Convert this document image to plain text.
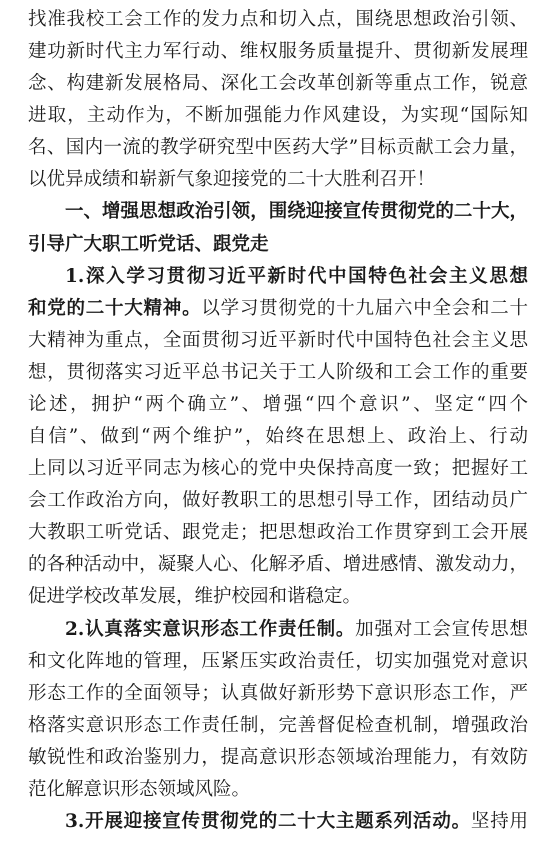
找准我校工会工作的发力点和切入点，围绕思想政治引领、
建功新时代主力军行动、维权服务质量提升、贯彻新发展理
念、构建新发展格局、深化工会改革创新等重点工作，锐意
进取，主动作为，不断加强能力作风建设，为实现“国际知
名、国内一流的教学研究型中医药大学”目标贡献工会力量，
以优异成绩和崭新气象迎接党的二十大胜利召开！
一、增强思想政治引领，围绕迎接宣传贯彻党的二十大，
引导广大职工听党话、跟党走
1.深入学习贯彻习近平新时代中国特色社会主义思想
和党的二十大精神。以学习贯彻党的十九届六中全会和二十
大精神为重点，全面贯彻习近平新时代中国特色社会主义思
想，贯彻落实习近平总书记关于工人阶级和工会工作的重要
论述，拥护“两个确立”、增强“四个意识”、坚定“四个
自信”、做到“两个维护”，始终在思想上、政治上、行动
上同以习近平同志为核心的党中央保持高度一致；把握好工
会工作政治方向，做好教职工的思想引导工作，团结动员广
大教职工听党话、跟党走；把思想政治工作贯穿到工会开展
的各种活动中，凝聚人心、化解矛盾、增进感情、激发动力，
促进学校改革发展，维护校园和谐稳定。
2.认真落实意识形态工作责任制。加强对工会宣传思想
和文化阵地的管理，压紧压实政治责任，切实加强党对意识
形态工作的全面领导；认真做好新形势下意识形态工作，严
格落实意识形态工作责任制，完善督促检查机制，增强政治
敏锐性和政治鉴别力，提高意识形态领域治理能力，有效防
范化解意识形态领域风险。
3.开展迎接宣传贯彻党的二十大主题系列活动。坚持用
